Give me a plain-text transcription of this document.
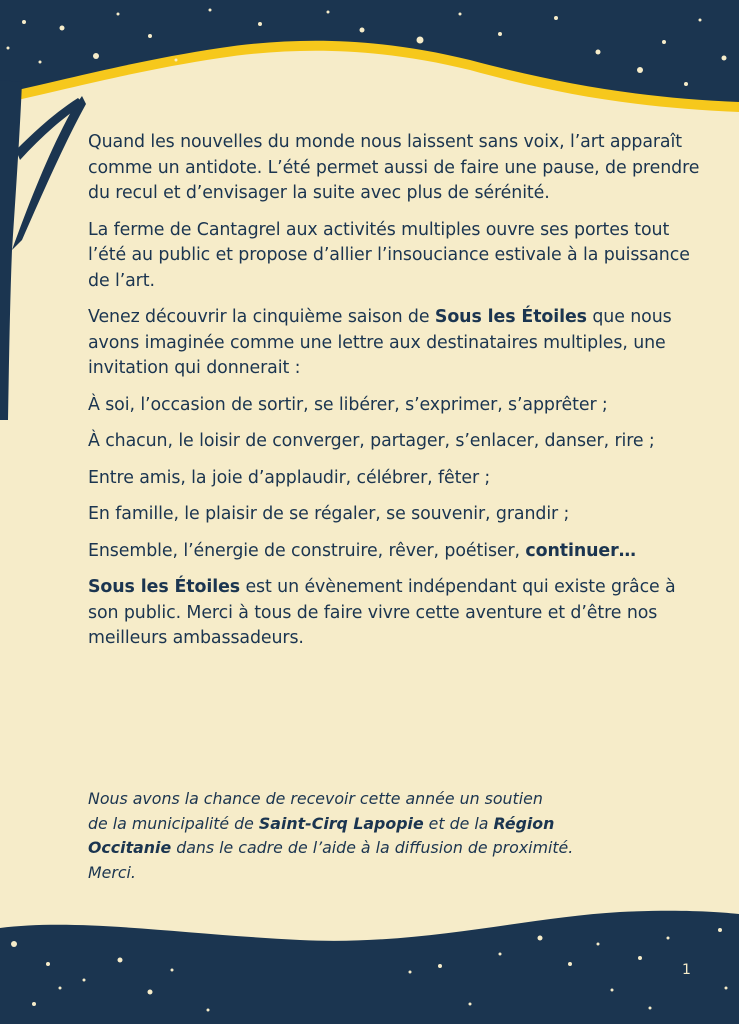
Quand les nouvelles du monde nous laissent sans voix, l’art apparaît comme un antidote. L’été permet aussi de faire une pause, de prendre du recul et d’envisager la suite avec plus de sérénité.

La ferme de Cantagrel aux activités multiples ouvre ses portes tout l’été au public et propose d’allier l’insouciance estivale à la puissance de l’art.

Venez découvrir la cinquième saison de Sous les Étoiles que nous avons imaginée comme une lettre aux destinataires multiples, une invitation qui donnerait :

À soi, l’occasion de sortir, se libérer, s’exprimer, s’apprêter ;

À chacun, le loisir de converger, partager, s’enlacer, danser, rire ;

Entre amis, la joie d’applaudir, célébrer, fêter ;

En famille, le plaisir de se régaler, se souvenir, grandir ;

Ensemble, l’énergie de construire, rêver, poétiser, continuer…

Sous les Étoiles est un évènement indépendant qui existe grâce à son public. Merci à tous de faire vivre cette aventure et d’être nos meilleurs ambassadeurs.

Nous avons la chance de recevoir cette année un soutien

de la municipalité de Saint-Cirq Lapopie et de la Région

Occitanie dans le cadre de l’aide à la diffusion de proximité.

Merci.

1
